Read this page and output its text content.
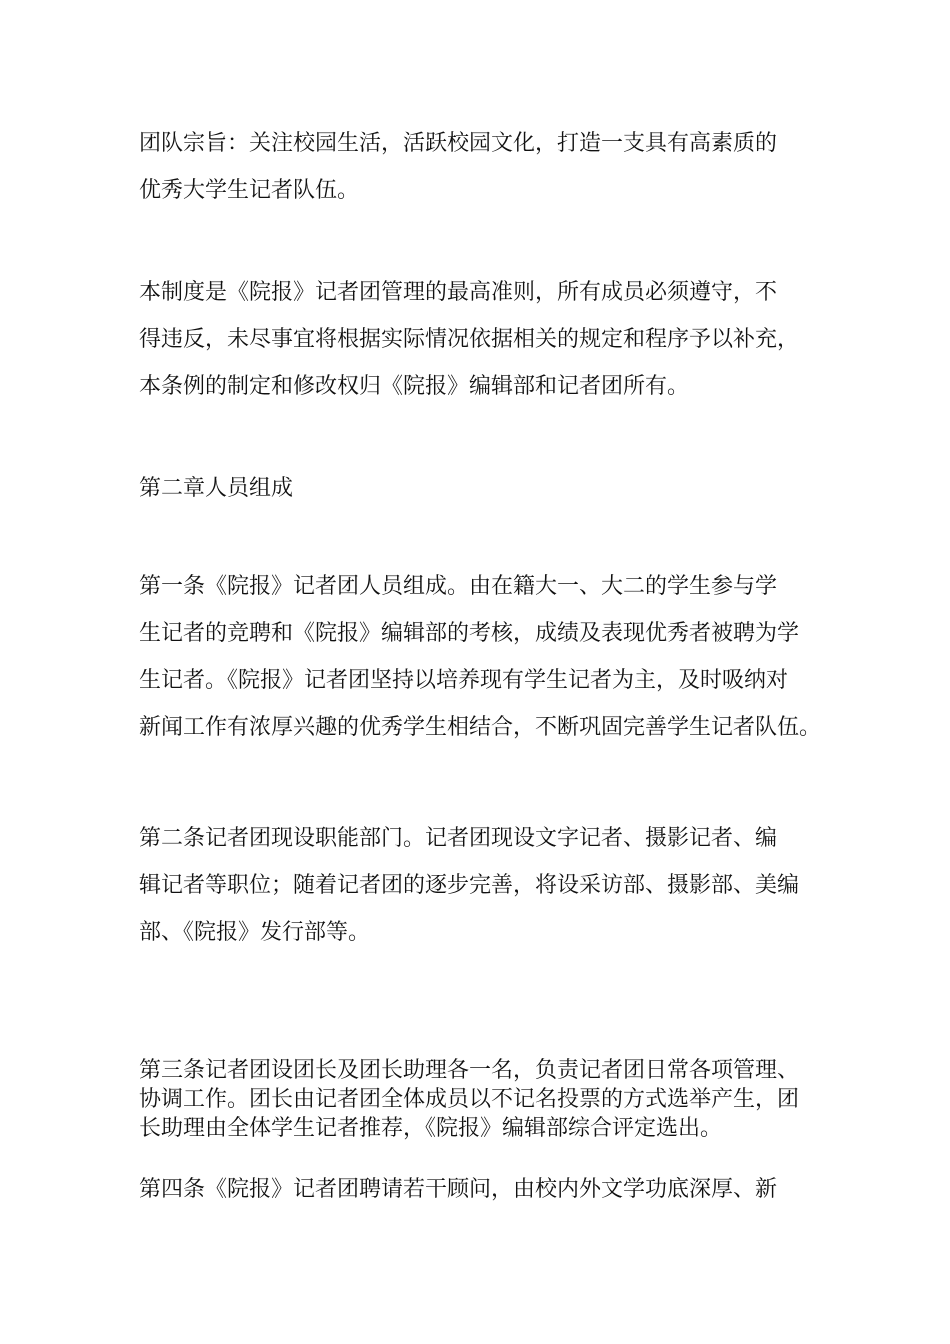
团队宗旨：关注校园生活，活跃校园文化，打造一支具有高素质的
优秀大学生记者队伍。

本制度是《院报》记者团管理的最高准则，所有成员必须遵守，不
得违反，未尽事宜将根据实际情况依据相关的规定和程序予以补充，
本条例的制定和修改权归《院报》编辑部和记者团所有。

第二章人员组成

第一条《院报》记者团人员组成。由在籍大一、大二的学生参与学
生记者的竞聘和《院报》编辑部的考核，成绩及表现优秀者被聘为学
生记者。《院报》记者团坚持以培养现有学生记者为主，及时吸纳对
新闻工作有浓厚兴趣的优秀学生相结合，不断巩固完善学生记者队伍。

第二条记者团现设职能部门。记者团现设文字记者、摄影记者、编
辑记者等职位；随着记者团的逐步完善，将设采访部、摄影部、美编
部、《院报》发行部等。

第三条记者团设团长及团长助理各一名，负责记者团日常各项管理、
协调工作。团长由记者团全体成员以不记名投票的方式选举产生，团
长助理由全体学生记者推荐，《院报》编辑部综合评定选出。

第四条《院报》记者团聘请若干顾问，由校内外文学功底深厚、新
